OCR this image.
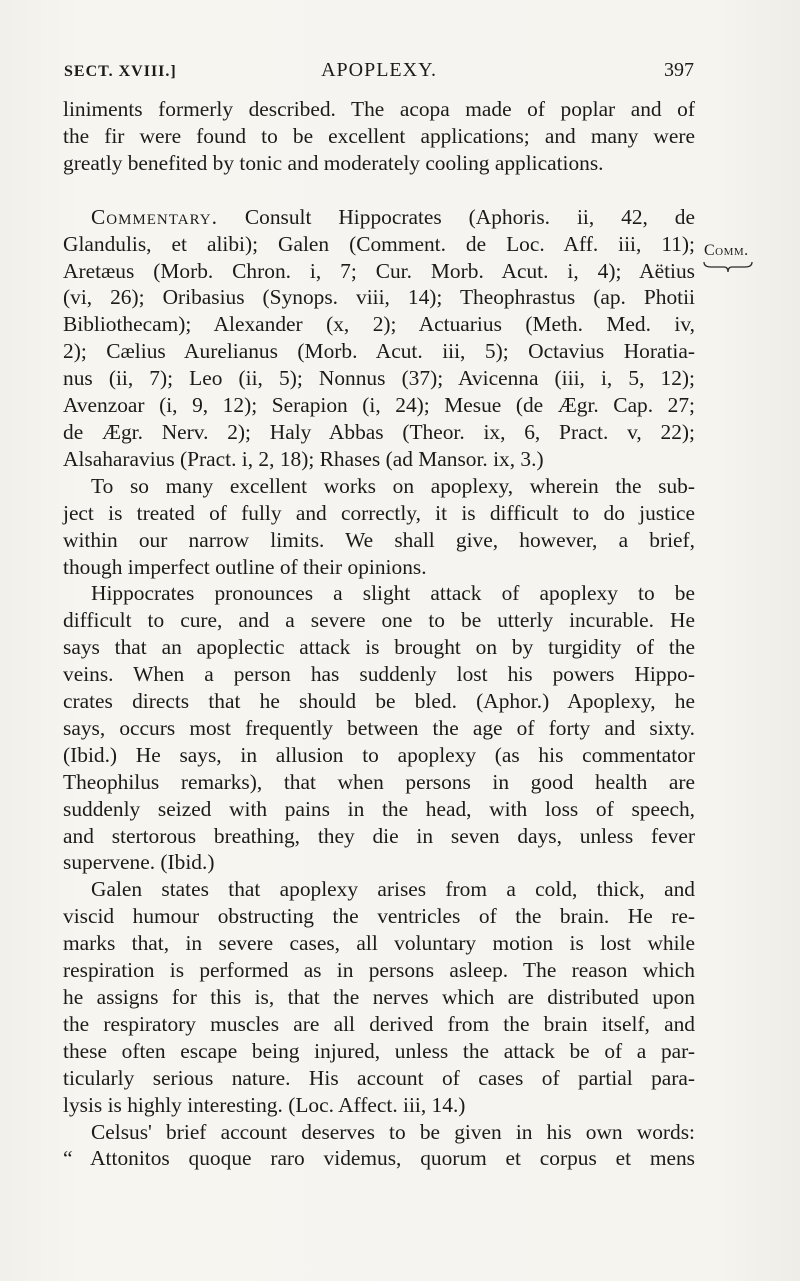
SECT. XVIII.]	APOPLEXY.	397
Comm.

liniments formerly described. The acopa made of poplar and of
the fir were found to be excellent applications; and many were

greatly benefited by tonic and moderately cooling applications.

Commentary. Consult Hippocrates (Aphoris. ii, 42, de
Glandulis, et alibi); Galen (Comment. de Loc. Aff. iii, 11);
Aretæus (Morb. Chron. i, 7; Cur. Morb. Acut. i, 4); Aëtius
(vi, 26); Oribasius (Synops. viii, 14); Theophrastus (ap. Photii
Bibliothecam); Alexander (x, 2); Actuarius (Meth. Med. iv,
2); Cælius Aurelianus (Morb. Acut. iii, 5); Octavius Horatia-
nus (ii, 7); Leo (ii, 5); Nonnus (37); Avicenna (iii, i, 5, 12);
Avenzoar (i, 9, 12); Serapion (i, 24); Mesue (de Ægr. Cap. 27;
de Ægr. Nerv. 2); Haly Abbas (Theor. ix, 6, Pract. v, 22);

Alsaharavius (Pract. i, 2, 18); Rhases (ad Mansor. ix, 3.)

To so many excellent works on apoplexy, wherein the sub-
ject is treated of fully and correctly, it is difficult to do justice
within our narrow limits. We shall give, however, a brief,

though imperfect outline of their opinions.

Hippocrates pronounces a slight attack of apoplexy to be
difficult to cure, and a severe one to be utterly incurable. He
says that an apoplectic attack is brought on by turgidity of the
veins. When a person has suddenly lost his powers Hippo-
crates directs that he should be bled. (Aphor.) Apoplexy, he
says, occurs most frequently between the age of forty and sixty.
(Ibid.) He says, in allusion to apoplexy (as his commentator
Theophilus remarks), that when persons in good health are
suddenly seized with pains in the head, with loss of speech,
and stertorous breathing, they die in seven days, unless fever

supervene. (Ibid.)

Galen states that apoplexy arises from a cold, thick, and
viscid humour obstructing the ventricles of the brain. He re-
marks that, in severe cases, all voluntary motion is lost while
respiration is performed as in persons asleep. The reason which
he assigns for this is, that the nerves which are distributed upon
the respiratory muscles are all derived from the brain itself, and
these often escape being injured, unless the attack be of a par-
ticularly serious nature. His account of cases of partial para-

lysis is highly interesting. (Loc. Affect. iii, 14.)

Celsus' brief account deserves to be given in his own words:
“ Attonitos quoque raro videmus, quorum et corpus et mens
